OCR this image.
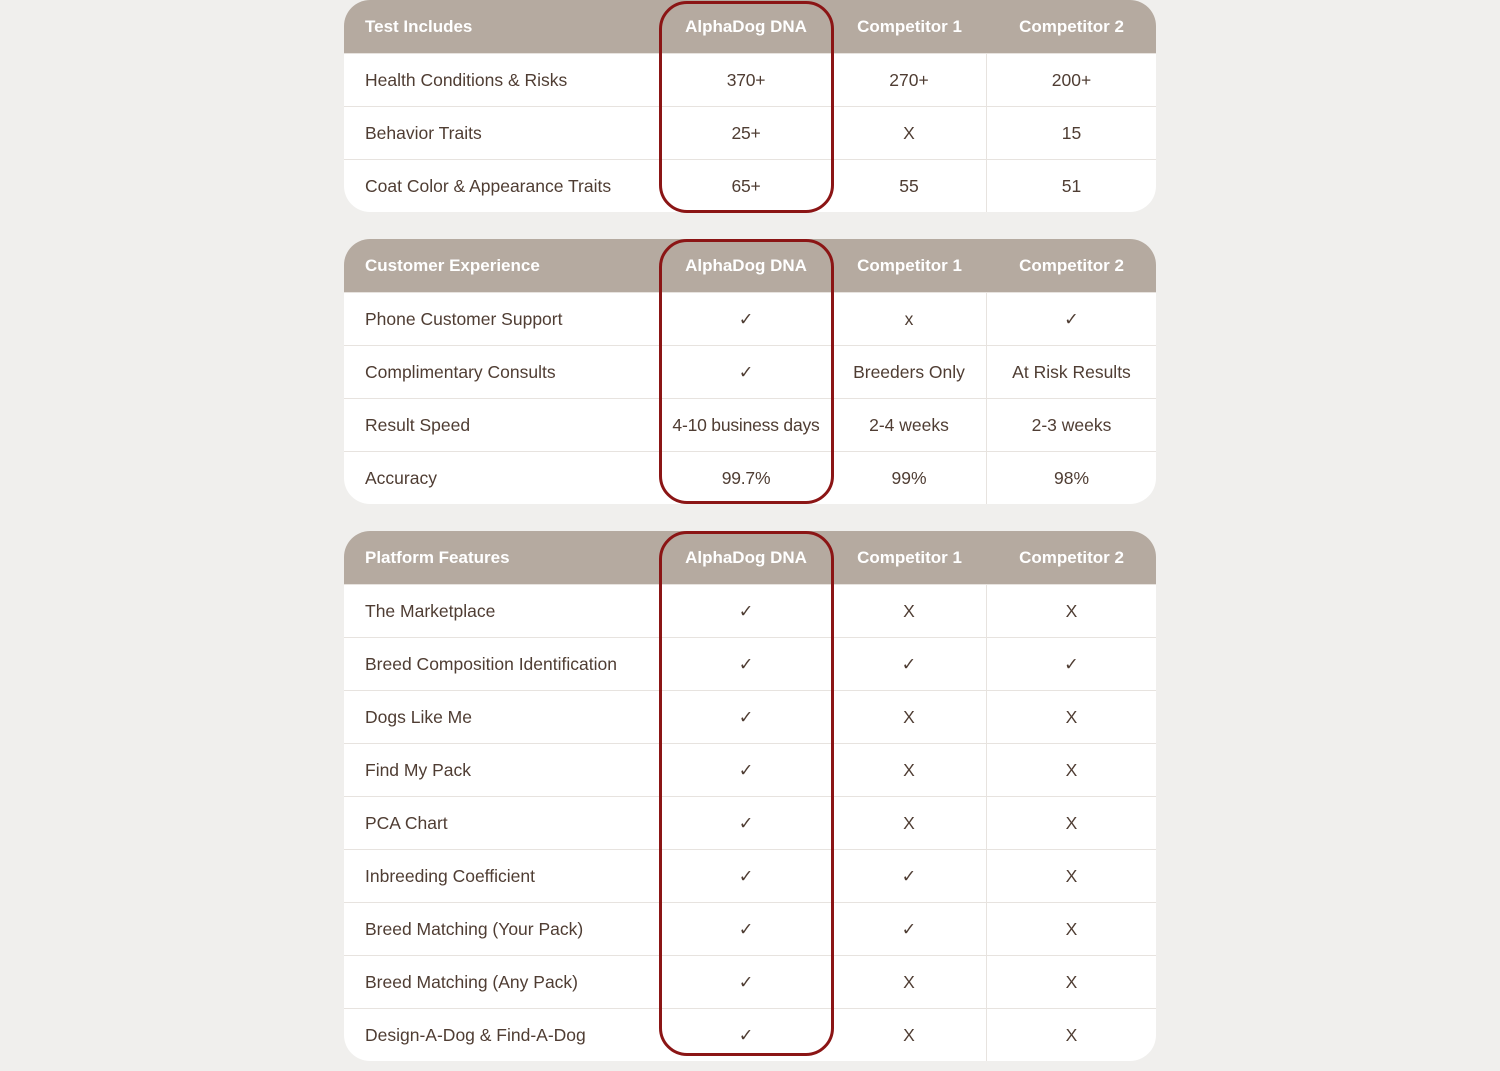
Test Includes	AlphaDog DNA	Competitor 1	Competitor 2
Health Conditions & Risks	370+	270+	200+
Behavior Traits	25+	X	15
Coat Color & Appearance Traits	65+	55	51
Customer Experience	AlphaDog DNA	Competitor 1	Competitor 2
Phone Customer Support	✓	x	✓
Complimentary Consults	✓	Breeders Only	At Risk Results
Result Speed	4-10 business days	2-4 weeks	2-3 weeks
Accuracy	99.7%	99%	98%
Platform Features	AlphaDog DNA	Competitor 1	Competitor 2
The Marketplace	✓	X	X
Breed Composition Identification	✓	✓	✓
Dogs Like Me	✓	X	X
Find My Pack	✓	X	X
PCA Chart	✓	X	X
Inbreeding Coefficient	✓	✓	X
Breed Matching (Your Pack)	✓	✓	X
Breed Matching (Any Pack)	✓	X	X
Design-A-Dog & Find-A-Dog	✓	X	X
